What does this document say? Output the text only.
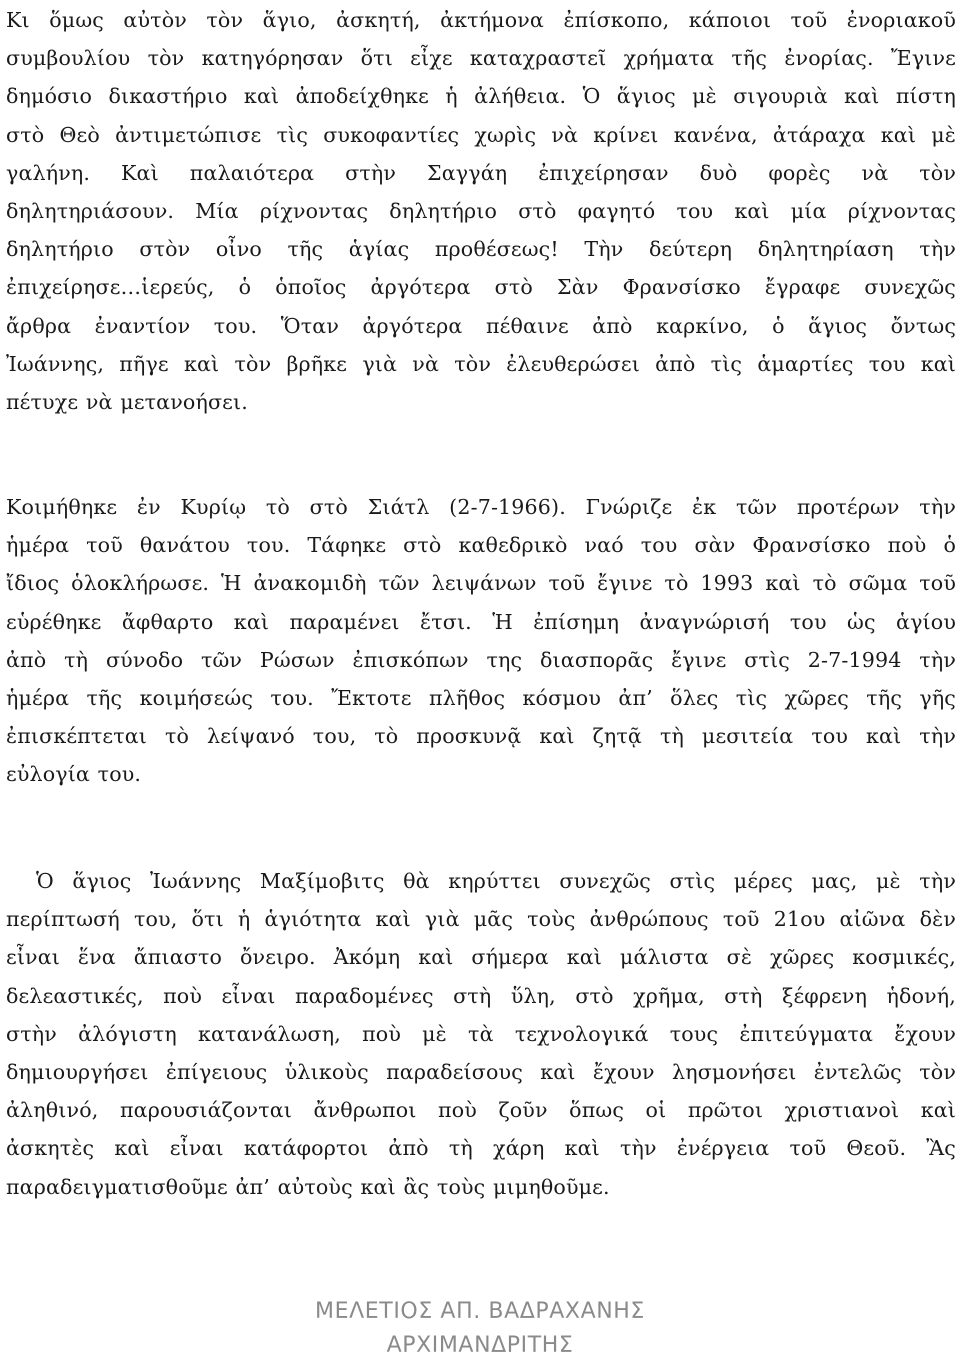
Κι ὅμως αὐτὸν τὸν ἅγιο, ἀσκητή, ἀκτήμονα ἐπίσκοπο, κάποιοι τοῦ ἐνοριακοῦ
συμβουλίου τὸν κατηγόρησαν ὅτι εἶχε καταχραστεῖ χρήματα τῆς ἐνορίας. Ἔγινε
δημόσιο δικαστήριο καὶ ἀποδείχθηκε ἡ ἀλήθεια. Ὁ ἅγιος μὲ σιγουριὰ καὶ πίστη
στὸ Θεὸ ἀντιμετώπισε τὶς συκοφαντίες χωρὶς νὰ κρίνει κανένα, ἀτάραχα καὶ μὲ
γαλήνη. Καὶ παλαιότερα στὴν Σαγγάη ἐπιχείρησαν δυὸ φορὲς νὰ τὸν
δηλητηριάσουν. Μία ρίχνοντας δηλητήριο στὸ φαγητό του καὶ μία ρίχνοντας
δηλητήριο στὸν οἶνο τῆς ἁγίας προθέσεως! Τὴν δεύτερη δηλητηρίαση τὴν
ἐπιχείρησε…ἱερεύς, ὁ ὁποῖος ἀργότερα στὸ Σὰν Φρανσίσκο ἔγραφε συνεχῶς
ἄρθρα ἐναντίον του. Ὅταν ἀργότερα πέθαινε ἀπὸ καρκίνο, ὁ ἅγιος ὄντως
Ἰωάννης, πῆγε καὶ τὸν βρῆκε γιὰ νὰ τὸν ἐλευθερώσει ἀπὸ τὶς ἁμαρτίες του καὶ
πέτυχε νὰ μετανοήσει.
Κοιμήθηκε ἐν Κυρίῳ τὸ στὸ Σιάτλ (2-7-1966). Γνώριζε ἐκ τῶν προτέρων τὴν
ἡμέρα τοῦ θανάτου του. Τάφηκε στὸ καθεδρικὸ ναό του σὰν Φρανσίσκο ποὺ ὁ
ἴδιος ὁλοκλήρωσε. Ἡ ἀνακομιδὴ τῶν λειψάνων τοῦ ἔγινε τὸ 1993 καὶ τὸ σῶμα τοῦ
εὑρέθηκε ἄφθαρτο καὶ παραμένει ἔτσι. Ἡ ἐπίσημη ἀναγνώρισή του ὡς ἁγίου
ἀπὸ τὴ σύνοδο τῶν Ρώσων ἐπισκόπων της διασπορᾶς ἔγινε στὶς 2-7-1994 τὴν
ἡμέρα τῆς κοιμήσεώς του. Ἔκτοτε πλῆθος κόσμου ἀπ’ ὅλες τὶς χῶρες τῆς γῆς
ἐπισκέπτεται τὸ λείψανό του, τὸ προσκυνᾷ καὶ ζητᾷ τὴ μεσιτεία του καὶ τὴν
εὐλογία του.
Ὁ ἅγιος Ἰωάννης Μαξίμοβιτς θὰ κηρύττει συνεχῶς στὶς μέρες μας, μὲ τὴν
περίπτωσή του, ὅτι ἡ ἁγιότητα καὶ γιὰ μᾶς τοὺς ἀνθρώπους τοῦ 21ου αἰῶνα δὲν
εἶναι ἕνα ἄπιαστο ὄνειρο. Ἀκόμη καὶ σήμερα καὶ μάλιστα σὲ χῶρες κοσμικές,
δελεαστικές, ποὺ εἶναι παραδομένες στὴ ὕλη, στὸ χρῆμα, στὴ ξέφρενη ἡδονή,
στὴν ἀλόγιστη κατανάλωση, ποὺ μὲ τὰ τεχνολογικά τους ἐπιτεύγματα ἔχουν
δημιουργήσει ἐπίγειους ὑλικοὺς παραδείσους καὶ ἔχουν λησμονήσει ἐντελῶς τὸν
ἀληθινό, παρουσιάζονται ἄνθρωποι ποὺ ζοῦν ὅπως οἱ πρῶτοι χριστιανοὶ καὶ
ἀσκητὲς καὶ εἶναι κατάφορτοι ἀπὸ τὴ χάρη καὶ τὴν ἐνέργεια τοῦ Θεοῦ. Ἂς
παραδειγματισθοῦμε ἀπ’ αὐτοὺς καὶ ἂς τοὺς μιμηθοῦμε.
ΜΕΛΕΤΙΟΣ ΑΠ. ΒΑΔΡΑΧΑΝΗΣ
ΑΡΧΙΜΑΝΔΡΙΤΗΣ
